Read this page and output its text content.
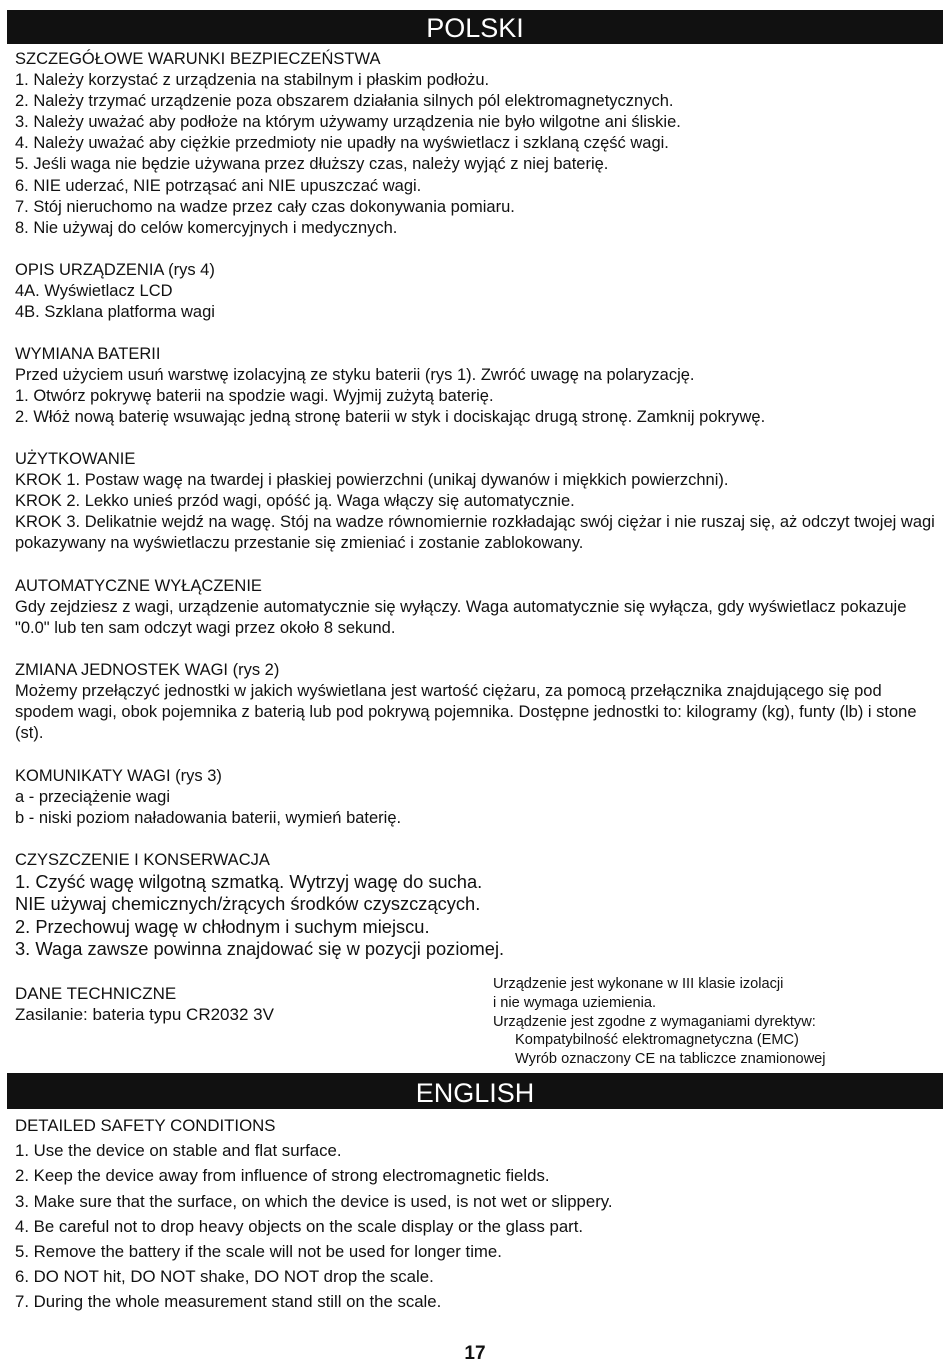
POLSKI
SZCZEGÓŁOWE WARUNKI BEZPIECZEŃSTWA
1. Należy korzystać z urządzenia na stabilnym i płaskim podłożu.
2. Należy trzymać urządzenie poza obszarem działania silnych pól elektromagnetycznych.
3. Należy uważać aby podłoże na którym używamy urządzenia nie było wilgotne ani śliskie.
4. Należy uważać aby ciężkie przedmioty nie upadły na wyświetlacz i szklaną część wagi.
5. Jeśli waga nie będzie używana przez dłuższy czas, należy wyjąć z niej baterię.
6. NIE uderzać, NIE potrząsać ani NIE upuszczać wagi.
7. Stój nieruchomo na wadze przez cały czas dokonywania pomiaru.
8. Nie używaj do celów komercyjnych i medycznych.
OPIS URZĄDZENIA (rys 4)
4A. Wyświetlacz LCD
4B. Szklana platforma wagi
WYMIANA BATERII
Przed użyciem usuń warstwę izolacyjną ze styku baterii (rys 1). Zwróć uwagę na polaryzację.
1. Otwórz pokrywę baterii na spodzie wagi. Wyjmij zużytą baterię.
2. Włóż nową baterię wsuwając jedną stronę baterii w styk i dociskając drugą stronę. Zamknij pokrywę.
UŻYTKOWANIE
KROK 1. Postaw wagę na twardej i płaskiej powierzchni (unikaj dywanów i miękkich powierzchni).
KROK 2. Lekko unieś przód wagi, opóść ją. Waga włączy się automatycznie.
KROK 3. Delikatnie wejdź na wagę. Stój na wadze równomiernie rozkładając swój ciężar i nie ruszaj się, aż odczyt twojej wagi pokazywany na wyświetlaczu przestanie się zmieniać i zostanie zablokowany.
AUTOMATYCZNE WYŁĄCZENIE
Gdy zejdziesz z wagi, urządzenie automatycznie się wyłączy. Waga automatycznie się wyłącza, gdy wyświetlacz pokazuje "0.0" lub ten sam odczyt wagi przez około 8 sekund.
ZMIANA JEDNOSTEK WAGI (rys 2)
Możemy przełączyć jednostki w jakich wyświetlana jest wartość ciężaru, za pomocą przełącznika znajdującego się pod spodem wagi, obok pojemnika z baterią lub pod pokrywą pojemnika. Dostępne jednostki to: kilogramy (kg), funty (lb) i stone (st).
KOMUNIKATY WAGI (rys 3)
a - przeciążenie wagi
b - niski poziom naładowania baterii, wymień baterię.
CZYSZCZENIE I KONSERWACJA
1. Czyść wagę wilgotną szmatką. Wytrzyj wagę do sucha.
NIE używaj chemicznych/żrących środków czyszczących.
2. Przechowuj wagę w chłodnym i suchym miejscu.
3. Waga zawsze powinna znajdować się w pozycji poziomej.
DANE TECHNICZNE
Zasilanie: bateria typu CR2032 3V
Urządzenie jest wykonane w III klasie izolacji
i nie wymaga uziemienia.
Urządzenie jest zgodne z wymaganiami dyrektyw:
Kompatybilność elektromagnetyczna (EMC)
Wyrób oznaczony CE na tabliczce znamionowej
ENGLISH
DETAILED SAFETY CONDITIONS
1. Use the device on stable and flat surface.
2. Keep the device away from influence of strong electromagnetic fields.
3. Make sure that the surface, on which the device is used, is not wet or slippery.
4. Be careful not to drop heavy objects on the scale display or the glass part.
5. Remove the battery if the scale will not be used for longer time.
6. DO NOT hit, DO NOT shake, DO NOT drop the scale.
7. During the whole measurement stand still on the scale.
17
